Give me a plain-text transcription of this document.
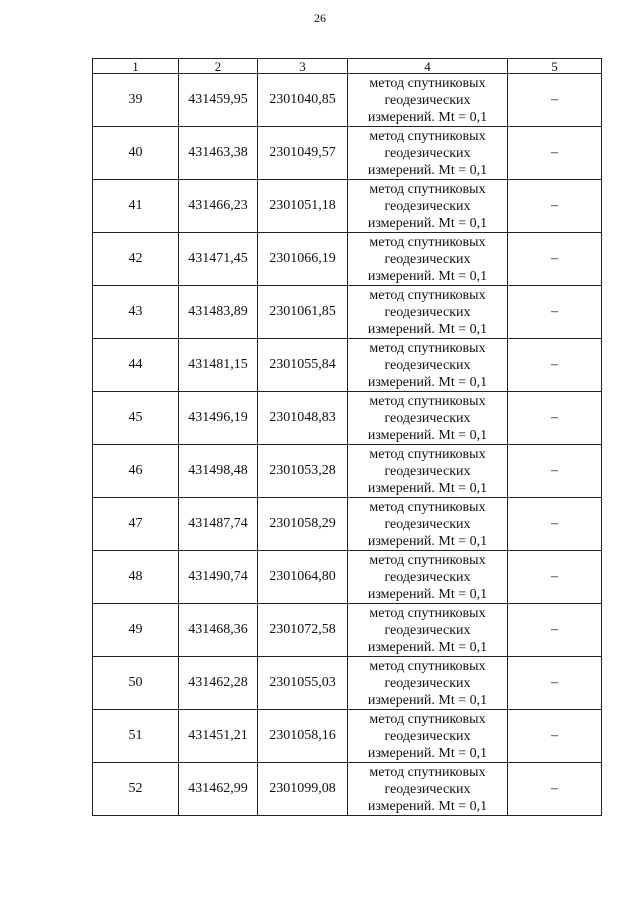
26
1	2	3	4	5
39	431459,95	2301040,85	метод спутниковых
геодезических
измерений. Mt = 0,1	–
40	431463,38	2301049,57	метод спутниковых
геодезических
измерений. Mt = 0,1	–
41	431466,23	2301051,18	метод спутниковых
геодезических
измерений. Mt = 0,1	–
42	431471,45	2301066,19	метод спутниковых
геодезических
измерений. Mt = 0,1	–
43	431483,89	2301061,85	метод спутниковых
геодезических
измерений. Mt = 0,1	–
44	431481,15	2301055,84	метод спутниковых
геодезических
измерений. Mt = 0,1	–
45	431496,19	2301048,83	метод спутниковых
геодезических
измерений. Mt = 0,1	–
46	431498,48	2301053,28	метод спутниковых
геодезических
измерений. Mt = 0,1	–
47	431487,74	2301058,29	метод спутниковых
геодезических
измерений. Mt = 0,1	–
48	431490,74	2301064,80	метод спутниковых
геодезических
измерений. Mt = 0,1	–
49	431468,36	2301072,58	метод спутниковых
геодезических
измерений. Mt = 0,1	–
50	431462,28	2301055,03	метод спутниковых
геодезических
измерений. Mt = 0,1	–
51	431451,21	2301058,16	метод спутниковых
геодезических
измерений. Mt = 0,1	–
52	431462,99	2301099,08	метод спутниковых
геодезических
измерений. Mt = 0,1	–
